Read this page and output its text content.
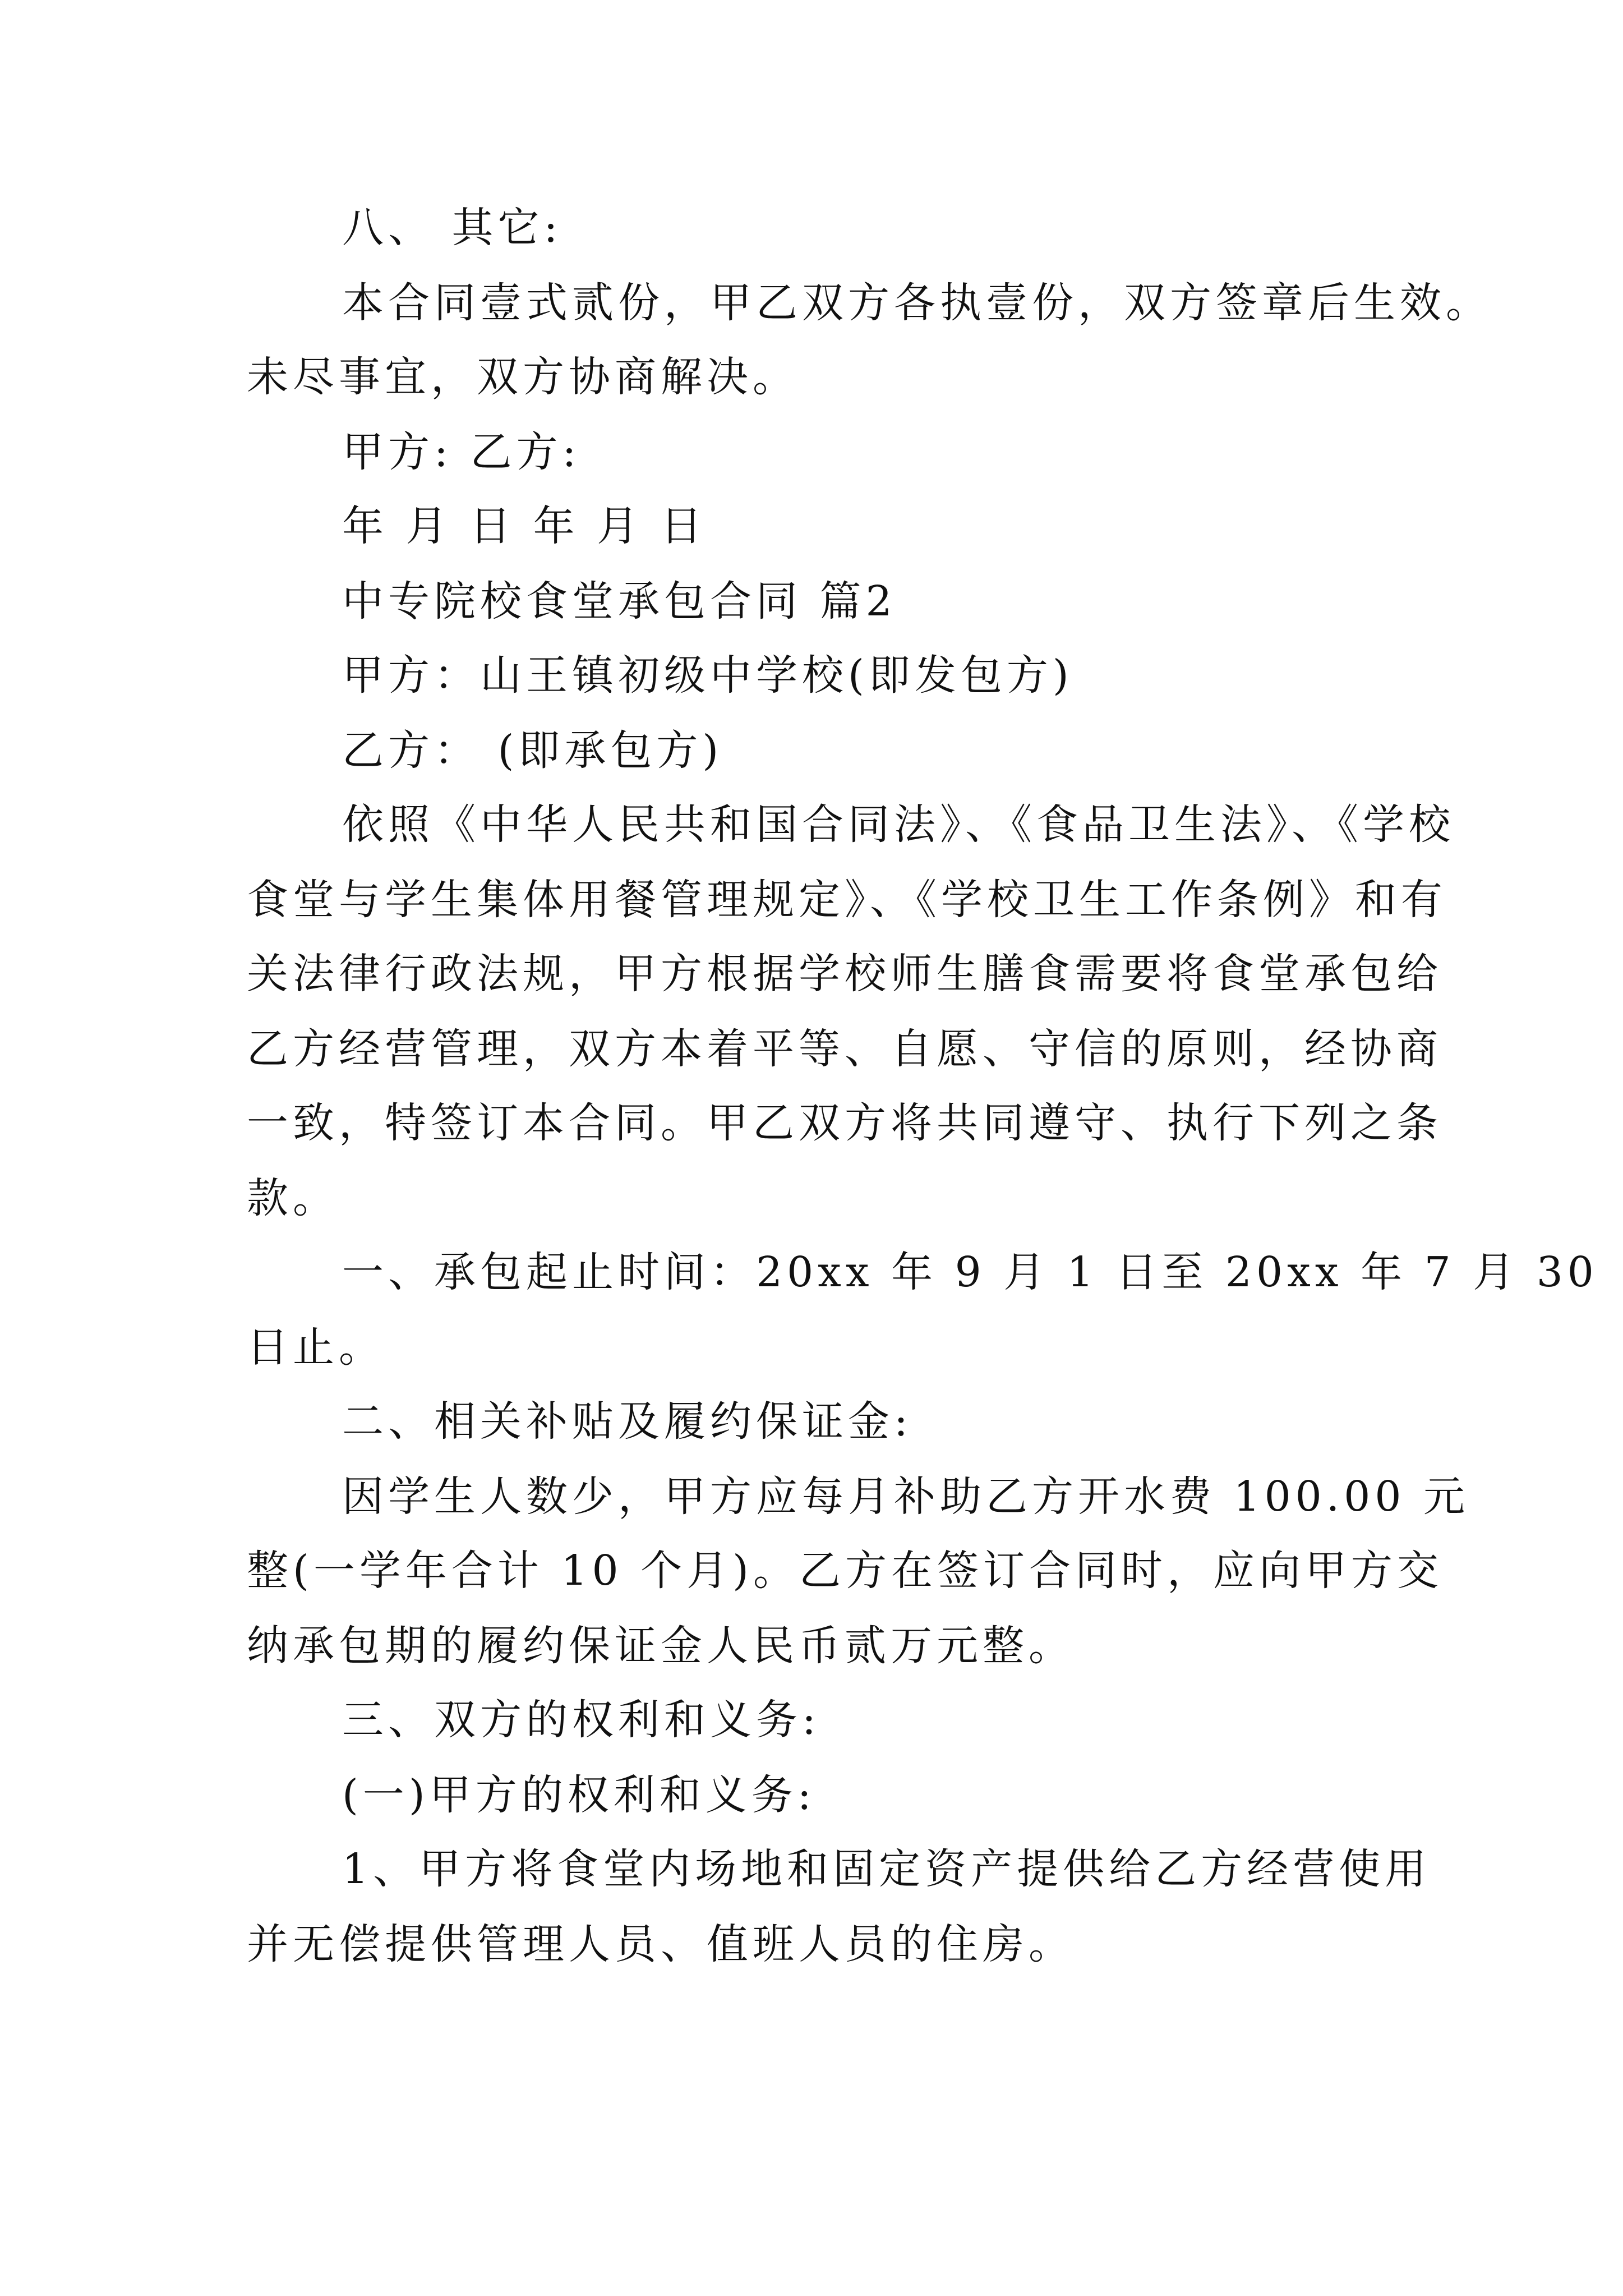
八、 其它:
本合同壹式贰份，甲乙双方各执壹份，双方签章后生效。
未尽事宜，双方协商解决。
甲方: 乙方:
年 月 日 年 月 日
中专院校食堂承包合同 篇2
甲方：山王镇初级中学校(即发包方)
乙方： (即承包方)
依照《中华人民共和国合同法》、《食品卫生法》、《学校
食堂与学生集体用餐管理规定》、《学校卫生工作条例》和有
关法律行政法规，甲方根据学校师生膳食需要将食堂承包给
乙方经营管理，双方本着平等、自愿、守信的原则，经协商
一致，特签订本合同。甲乙双方将共同遵守、执行下列之条
款。
一、承包起止时间：20xx 年 9 月 1 日至 20xx 年 7 月 30
日止。
二、相关补贴及履约保证金:
因学生人数少，甲方应每月补助乙方开水费 100.00 元
整(一学年合计 10 个月)。乙方在签订合同时，应向甲方交
纳承包期的履约保证金人民币贰万元整。
三、双方的权利和义务:
(一)甲方的权利和义务:
1、甲方将食堂内场地和固定资产提供给乙方经营使用
并无偿提供管理人员、值班人员的住房。
